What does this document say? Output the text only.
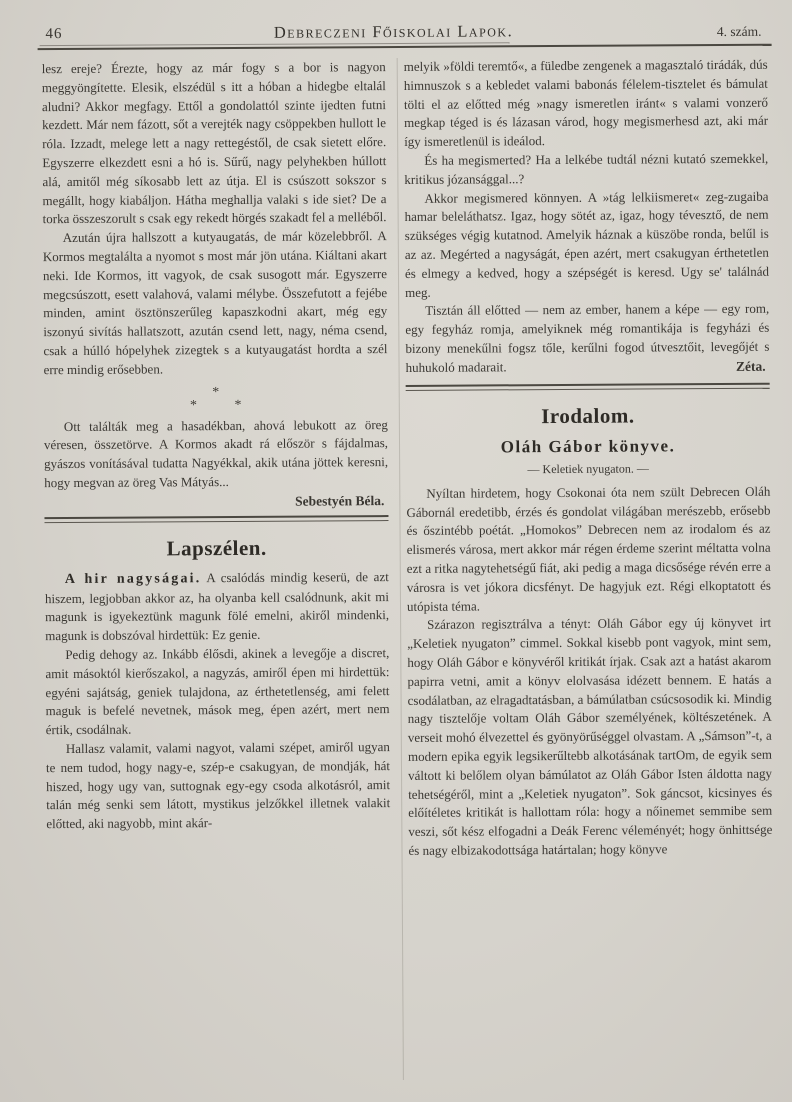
46	Debreczeni Főiskolai Lapok.	4. szám.

lesz ereje? Érezte, hogy az már fogy s a bor is nagyon meggyöngítette. Elesik, elszédül s itt a hóban a hidegbe eltalál aludni? Akkor megfagy. Ettől a gondolattól szinte ijedten futni kezdett. Már nem fázott, sőt a verejték nagy csöppekben hullott le róla. Izzadt, melege lett a nagy rettegéstől, de csak sietett előre. Egyszerre elkezdett esni a hó is. Sűrű, nagy pelyhekben húllott alá, amitől még síkosabb lett az útja. El is csúszott sokszor s megállt, hogy kiabáljon. Hátha meghallja valaki s ide siet? De a torka összeszorult s csak egy rekedt hörgés szakadt fel a melléből.

Azután újra hallszott a kutyaugatás, de már közelebbről. A Kormos megtalálta a nyomot s most már jön utána. Kiáltani akart neki. Ide Kormos, itt vagyok, de csak susogott már. Egyszerre megcsúszott, esett valahová, valami mélybe. Összefutott a fejébe minden, amint ösztönszerűleg kapaszkodni akart, még egy iszonyú sivítás hallatszott, azután csend lett, nagy, néma csend, csak a húlló hópelyhek zizegtek s a kutyaugatást hordta a szél erre mindig erősebben.

*
* *

Ott találták meg a hasadékban, ahová lebukott az öreg véresen, összetörve. A Kormos akadt rá először s fájdalmas, gyászos vonításával tudatta Nagyékkal, akik utána jöttek keresni, hogy megvan az öreg Vas Mátyás...

Sebestyén Béla.
Lapszélen.

A hir nagyságai. A csalódás mindig keserü, de azt hiszem, legjobban akkor az, ha olyanba kell csalódnunk, akit mi magunk is igyekeztünk magunk fölé emelni, akiről mindenki, magunk is dobszóval hirdettük: Ez genie.

Pedig dehogy az. Inkább élősdi, akinek a levegője a discret, amit másoktól kierőszakol, a nagyzás, amiről épen mi hirdettük: egyéni sajátság, geniek tulajdona, az érthetetlenség, ami felett maguk is befelé nevetnek, mások meg, épen azért, mert nem értik, csodálnak.

Hallasz valamit, valami nagyot, valami szépet, amiről ugyan te nem tudod, hogy nagy-e, szép-e csakugyan, de mondják, hát hiszed, hogy ugy van, suttognak egy-egy csoda alkotásról, amit talán még senki sem látott, mystikus jelzőkkel illetnek valakit előtted, aki nagyobb, mint akár-

melyik »földi teremtő«, a füledbe zengenek a magasztaló tirádák, dús himnuszok s a kebledet valami babonás félelem-tisztelet és bámulat tölti el az előtted még »nagy ismeretlen iránt« s valami vonzerő megkap téged is és lázasan várod, hogy megismerhesd azt, aki már így ismeretlenül is ideálod.

És ha megismerted? Ha a lelkébe tudtál nézni kutató szemekkel, kritikus józansággal...?

Akkor megismered könnyen. A »tág lelkiismeret« zeg-zugaiba hamar beleláthatsz. Igaz, hogy sötét az, igaz, hogy tévesztő, de nem szükséges végig kutatnod. Amelyik háznak a küszöbe ronda, belűl is az az. Megérted a nagyságát, épen azért, mert csakugyan érthetetlen és elmegy a kedved, hogy a szépségét is keresd. Ugy se' találnád meg.

Tisztán áll előtted — nem az ember, hanem a képe — egy rom, egy fegyház romja, amelyiknek még romantikája is fegyházi és bizony menekűlni fogsz tőle, kerűlni fogod útvesztőit, levegőjét s huhukoló madarait.	Zéta.
Irodalom.
Oláh Gábor könyve.
— Keletiek nyugaton. —

Nyíltan hirdetem, hogy Csokonai óta nem szült Debrecen Oláh Gábornál eredetibb, érzés és gondolat világában merészebb, erősebb és őszintébb poétát. „Homokos” Debrecen nem az irodalom és az elismerés városa, mert akkor már régen érdeme szerint méltatta volna ezt a ritka nagytehetségű fiát, aki pedig a maga dicsősége révén erre a városra is vet jókora dicsfényt. De hagyjuk ezt. Régi elkoptatott és utópista téma.

Szárazon regisztrálva a tényt: Oláh Gábor egy új könyvet irt „Keletiek nyugaton” cimmel. Sokkal kisebb pont vagyok, mint sem, hogy Oláh Gábor e könyvéről kritikát írjak. Csak azt a hatást akarom papirra vetni, amit a könyv elolvasása idézett bennem. E hatás a csodálatban, az elragadtatásban, a bámúlatban csúcsosodik ki. Mindig nagy tisztelője voltam Oláh Gábor személyének, költészetének. A verseit mohó élvezettel és gyönyörűséggel olvastam. A „Sámson”-t, a modern epika egyik legsikerűltebb alkotásának tartOm, de egyik sem váltott ki belőlem olyan bámúlatot az Oláh Gábor Isten áldotta nagy tehetségéről, mint a „Keletiek nyugaton”. Sok gáncsot, kicsinyes és előítéletes kritikát is hallottam róla: hogy a nőinemet semmibe sem veszi, sőt kész elfogadni a Deák Ferenc véleményét; hogy önhittsége és nagy elbizakodottsága határtalan; hogy könyve
